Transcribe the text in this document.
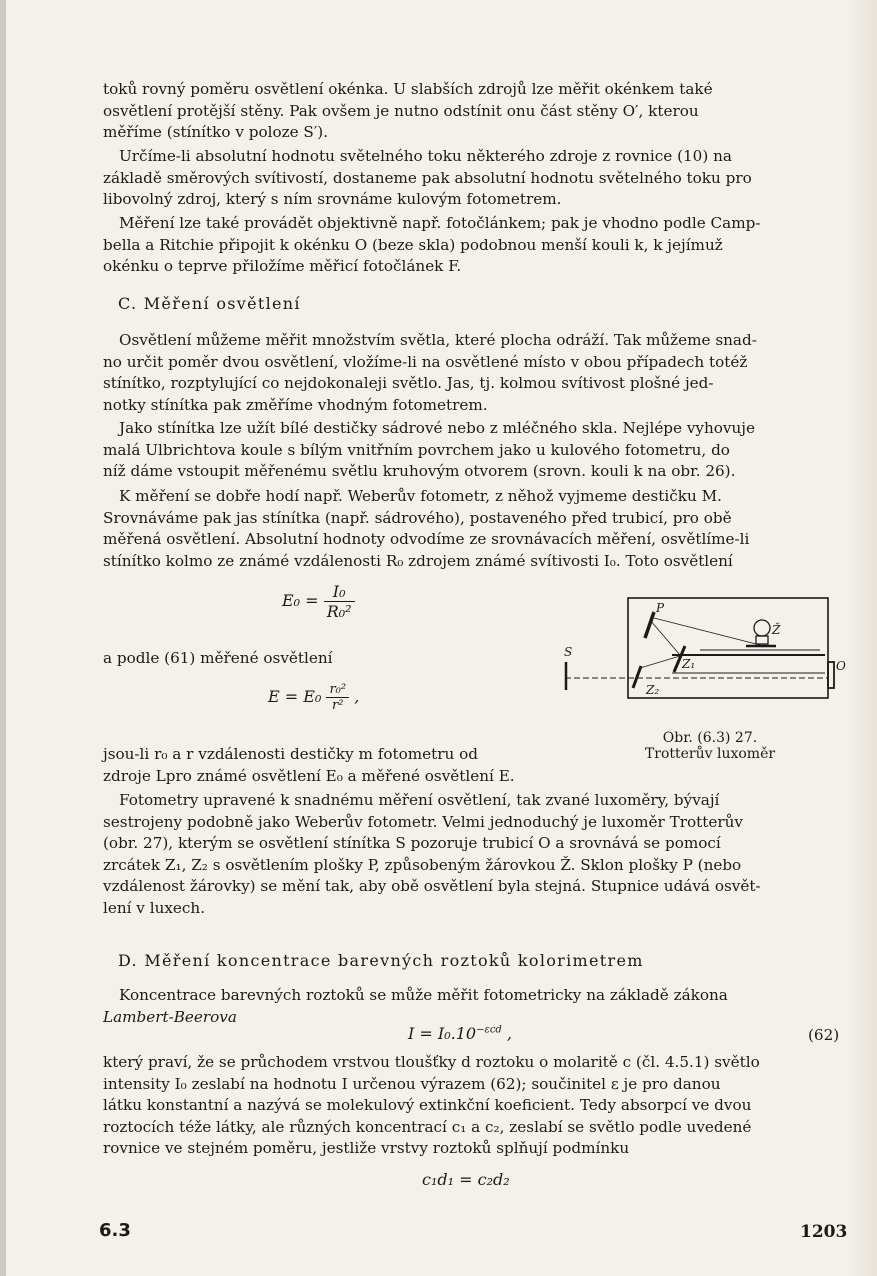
toků rovný poměru osvětlení okénka. U slabších zdrojů lze měřit okénkem také
osvětlení protější stěny. Pak ovšem je nutno odstínit onu část stěny O′, kterou
měříme (stínítko v poloze S′).
Určíme-li absolutní hodnotu světelného toku některého zdroje z rovnice (10) na
základě směrových svítivostí, dostaneme pak absolutní hodnotu světelného toku pro
libovolný zdroj, který s ním srovnáme kulovým fotometrem.
Měření lze také provádět objektivně např. fotočlánkem; pak je vhodno podle Camp-
bella a Ritchie připojit k okénku O (beze skla) podobnou menší kouli k, k jejímuž
okénku o teprve přiložíme měřicí fotočlánek F.
C. Měření osvětlení
Osvětlení můžeme měřit množstvím světla, které plocha odráží. Tak můžeme snad-
no určit poměr dvou osvětlení, vložíme-li na osvětlené místo v obou případech totéž
stínítko, rozptylující co nejdokonaleji světlo. Jas, tj. kolmou svítivost plošné jed-
notky stínítka pak změříme vhodným fotometrem.
Jako stínítka lze užít bílé destičky sádrové nebo z mléčného skla. Nejlépe vyhovuje
malá Ulbrichtova koule s bílým vnitřním povrchem jako u kulového fotometru, do
níž dáme vstoupit měřenému světlu kruhovým otvorem (srovn. kouli k na obr. 26).
K měření se dobře hodí např. Weberův fotometr, z něhož vyjmeme destičku M.
Srovnáváme pak jas stínítka (např. sádrového), postaveného před trubicí, pro obě
měřená osvětlení. Absolutní hodnoty odvodíme ze srovnávacích měření, osvětlíme-li
stínítko kolmo ze známé vzdálenosti R₀ zdrojem známé svítivosti I₀. Toto osvětlení
$E_0 = \frac{\text{I₀}}{\text{R₀²}}$
a podle (61) měřené osvětlení
$E = E_0 \frac{\text{r₀²}}{\text{r²}}$ ,
jsou-li r₀ a r vzdálenosti destičky m fotometru od
zdroje Lpro známé osvětlení E₀ a měřené osvětlení E.
P
S
Z₁
Z₂
Ž
O
Obr. (6.3) 27.
Trotterův luxoměr
Fotometry upravené k snadnému měření osvětlení, tak zvané luxoměry, bývají
sestrojeny podobně jako Weberův fotometr. Velmi jednoduchý je luxoměr Trotterův
(obr. 27), kterým se osvětlení stínítka S pozoruje trubicí O a srovnává se pomocí
zrcátek Z₁, Z₂ s osvětlením plošky P, způsobeným žárovkou Ž. Sklon plošky P (nebo
vzdálenost žárovky) se mění tak, aby obě osvětlení byla stejná. Stupnice udává osvět-
lení v luxech.
D. Měření koncentrace barevných roztoků kolorimetrem
Koncentrace barevných roztoků se může měřit fotometricky na základě zákona
Lambert-Beerova
$I = I_0.10^{-\varepsilon cd}$ ,	(62)
který praví, že se průchodem vrstvou tloušťky d roztoku o molaritě c (čl. 4.5.1) světlo
intensity I₀ zeslabí na hodnotu I určenou výrazem (62); součinitel ε je pro danou
látku konstantní a nazývá se molekulový extinkční koeficient. Tedy absorpcí ve dvou
roztocích téže látky, ale různých koncentrací c₁ a c₂, zeslabí se světlo podle uvedené
rovnice ve stejném poměru, jestliže vrstvy roztoků splňují podmínku
c₁d₁ = c₂d₂
6.3	1203
